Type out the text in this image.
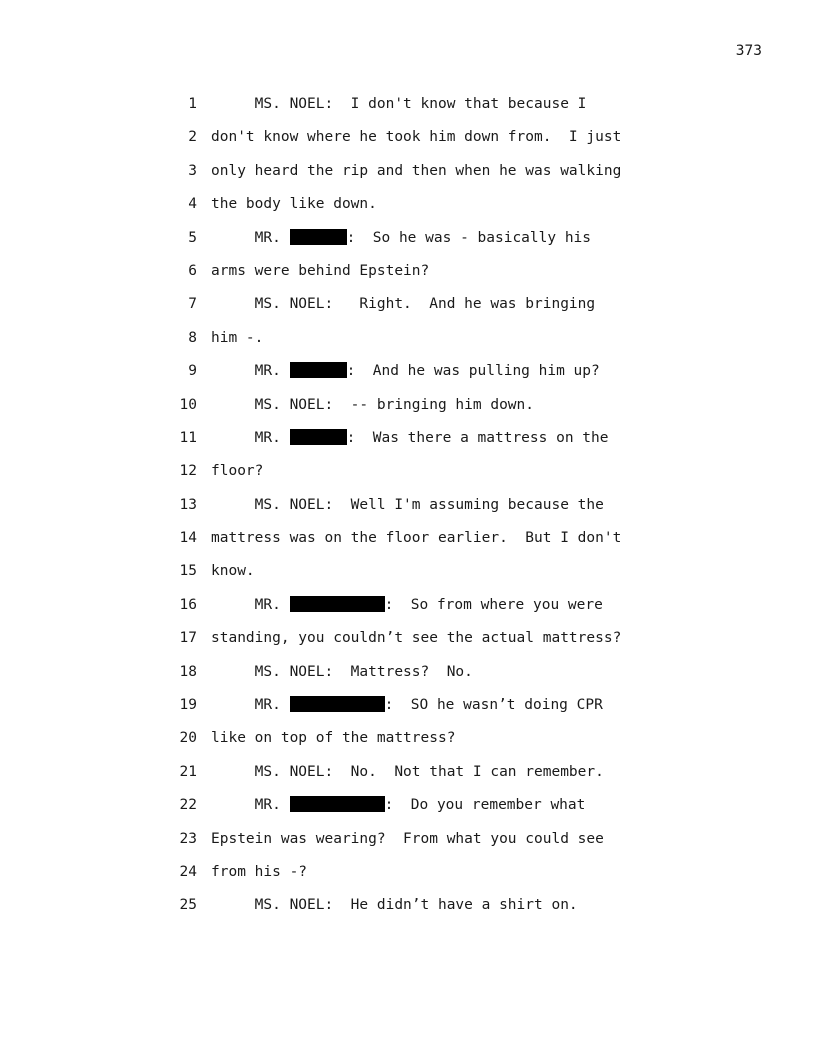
373
1 MS. NOEL:  I don't know that because I
2 don't know where he took him down from.  I just
3 only heard the rip and then when he was walking
4 the body like down.
5 MR.	:  So he was - basically his
6 arms were behind Epstein?
7 MS. NOEL:   Right.  And he was bringing
8 him -.
9 MR.	:  And he was pulling him up?
10 MS. NOEL:  -- bringing him down.
11 MR.	:  Was there a mattress on the
12 floor?
13 MS. NOEL:  Well I'm assuming because the
14 mattress was on the floor earlier.  But I don't
15 know.
16 MR.	:  So from where you were
17 standing, you couldn’t see the actual mattress?
18 MS. NOEL:  Mattress?  No.
19 MR.	:  SO he wasn’t doing CPR
20 like on top of the mattress?
21 MS. NOEL:  No.  Not that I can remember.
22 MR.	:  Do you remember what
23 Epstein was wearing?  From what you could see
24 from his -?
25 MS. NOEL:  He didn’t have a shirt on.
